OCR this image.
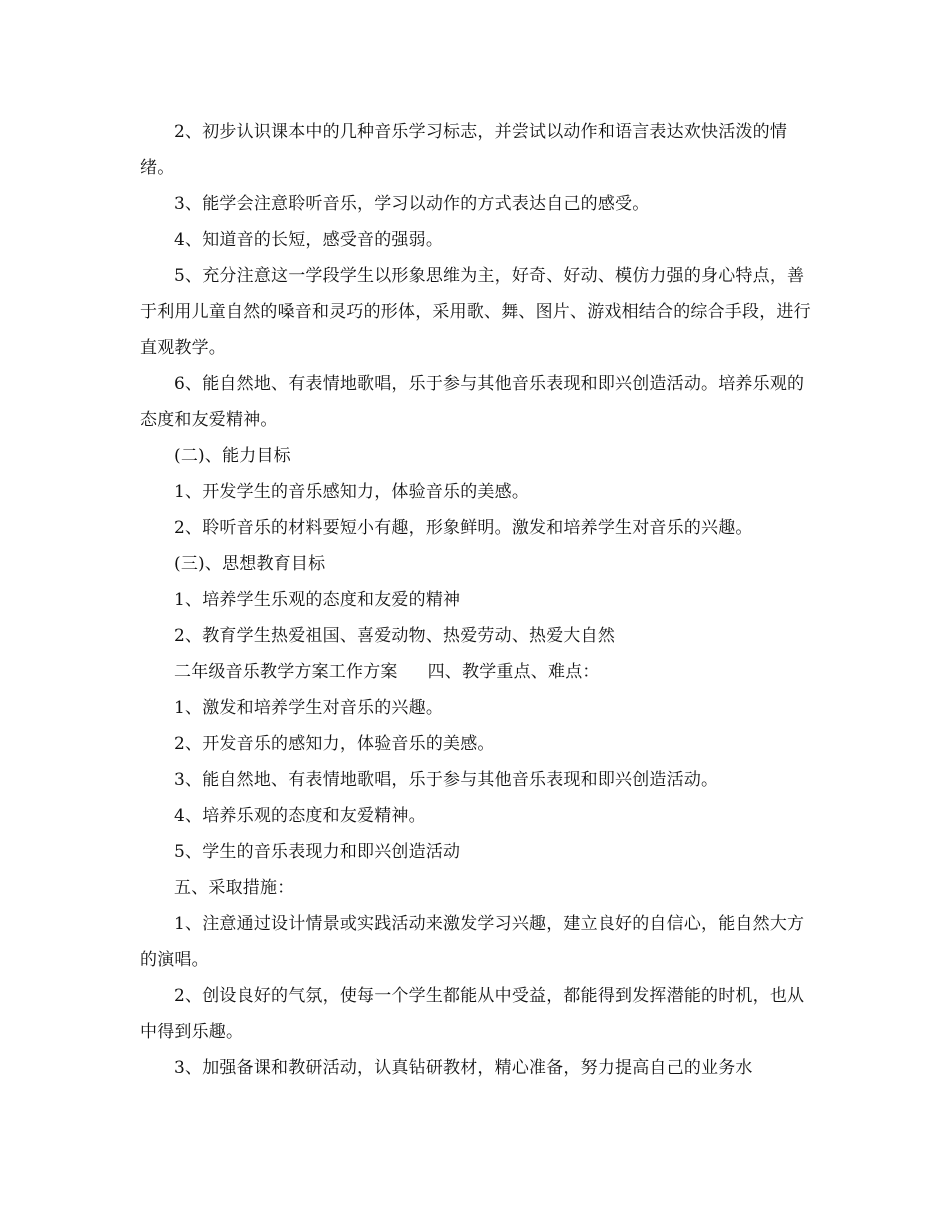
2、初步认识课本中的几种音乐学习标志，并尝试以动作和语言表达欢快活泼的情绪。

3、能学会注意聆听音乐，学习以动作的方式表达自己的感受。

4、知道音的长短，感受音的强弱。

5、充分注意这一学段学生以形象思维为主，好奇、好动、模仿力强的身心特点，善于利用儿童自然的嗓音和灵巧的形体，采用歌、舞、图片、游戏相结合的综合手段，进行直观教学。

6、能自然地、有表情地歌唱，乐于参与其他音乐表现和即兴创造活动。培养乐观的态度和友爱精神。

(二)、能力目标

1、开发学生的音乐感知力，体验音乐的美感。

2、聆听音乐的材料要短小有趣，形象鲜明。激发和培养学生对音乐的兴趣。

(三)、思想教育目标

1、培养学生乐观的态度和友爱的精神

2、教育学生热爱祖国、喜爱动物、热爱劳动、热爱大自然

二年级音乐教学方案工作方案 四、教学重点、难点：

1、激发和培养学生对音乐的兴趣。

2、开发音乐的感知力，体验音乐的美感。

3、能自然地、有表情地歌唱，乐于参与其他音乐表现和即兴创造活动。

4、培养乐观的态度和友爱精神。

5、学生的音乐表现力和即兴创造活动

五、采取措施：

1、注意通过设计情景或实践活动来激发学习兴趣，建立良好的自信心，能自然大方的演唱。

2、创设良好的气氛，使每一个学生都能从中受益，都能得到发挥潜能的时机，也从中得到乐趣。

3、加强备课和教研活动，认真钻研教材，精心准备，努力提高自己的业务水
